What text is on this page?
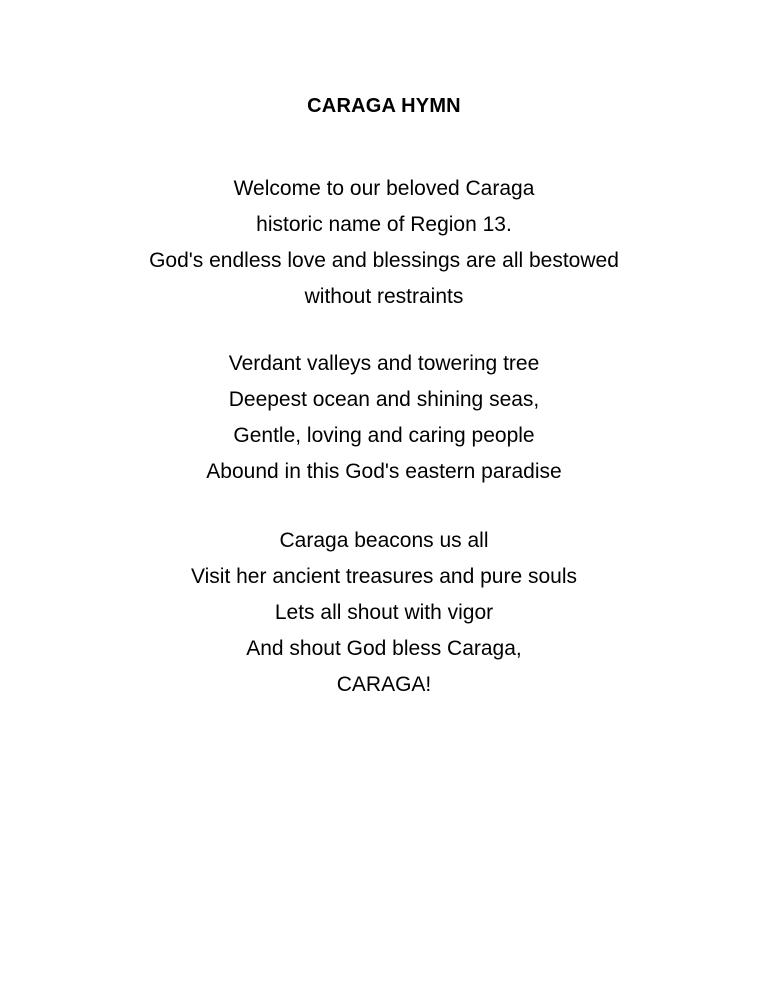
CARAGA HYMN
Welcome to our beloved Caraga
historic name of Region 13.
God's endless love and blessings are all bestowed
without restraints
Verdant valleys and towering tree
Deepest ocean and shining seas,
Gentle, loving and caring people
Abound in this God's eastern paradise
Caraga beacons us all
Visit her ancient treasures and pure souls
Lets all shout with vigor
And shout God bless Caraga,
CARAGA!
